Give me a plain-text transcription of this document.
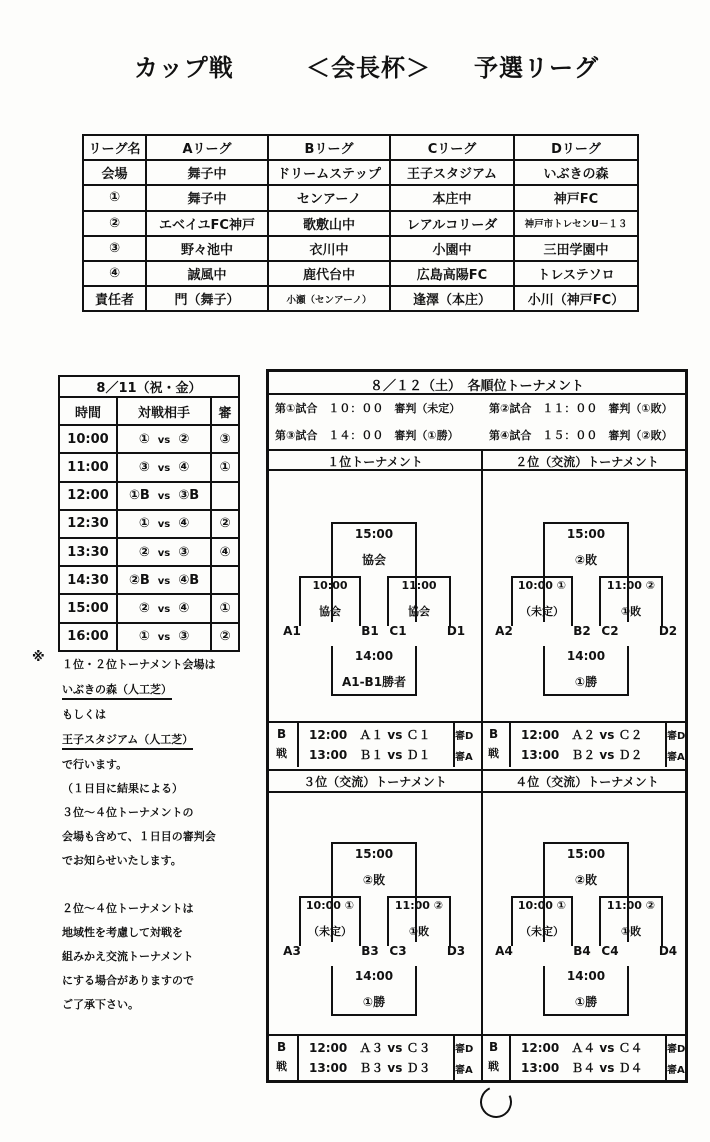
カップ戦	＜会長杯＞ 予選リーグ
リーグ名	Aリーグ	Bリーグ	Cリーグ	Dリーグ
会場	舞子中	ドリームステップ	王子スタジアム	いぶきの森
①	舞子中	センアーノ	本庄中	神戸FC
②	エベイユFC神戸	歌敷山中	レアルコリーダ	神戸市トレセンU－１３
③	野々池中	衣川中	小園中	三田学園中
④	誠風中	鹿代台中	広島高陽FC	トレステソロ
責任者	門（舞子）	小瀬（センアーノ）	逢澤（本庄）	小川（神戸FC）
8／11（祝・金）		
時間	対戦相手	審
10:00	① vs ②	③
11:00	③ vs ④	①
12:00	①B vs ③B	
12:30	① vs ④	②
13:30	② vs ③	④
14:30	②B vs ④B	
15:00	② vs ④	①
16:00	① vs ③	②
※ １位・２位トーナメント会場は
いぶきの森（人工芝）
もしくは
王子スタジアム（人工芝）
で行います。
（１日目に結果による）
３位～４位トーナメントの
会場も含めて、１日目の審判会
でお知らせいたします。
２位～４位トーナメントは
地域性を考慮して対戦を
組みかえ交流トーナメント
にする場合がありますので
ご了承下さい。
８／１２（土）　各順位トーナメント
第①試合　１０：００　審判（未定）	第②試合　１１：００　審判（①敗）
第③試合　１４：００　審判（①勝）	第④試合　１５：００　審判（②敗）
１位トーナメント
15:00
協会
10:00
協会
11:00
協会
A1	B1 C1	D1
14:00
A1-B1勝者
B
戦
12:00　Ａ１ vs Ｃ１
13:00　Ｂ１ vs Ｄ１
審D
審A
２位（交流）トーナメント
15:00
②敗
10:00 ①
（未定）
11:00 ②
①敗
A2	B2 C2	D2
14:00
①勝
B
戦
12:00　Ａ２ vs Ｃ２
13:00　Ｂ２ vs Ｄ２
審D
審A
３位（交流）トーナメント
15:00
②敗
10:00 ①
（未定）
11:00 ②
①敗
A3	B3 C3	D3
14:00
①勝
B
戦
12:00　Ａ３ vs Ｃ３
13:00　Ｂ３ vs Ｄ３
審D
審A
４位（交流）トーナメント
15:00
②敗
10:00 ①
（未定）
11:00 ②
①敗
A4	B4 C4	D4
14:00
①勝
B
戦
12:00　Ａ４ vs Ｃ４
13:00　Ｂ４ vs Ｄ４
審D
審A
